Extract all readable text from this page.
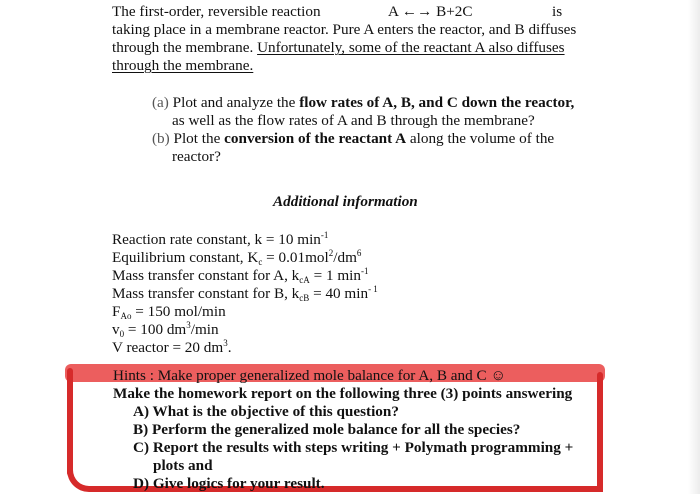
The first-order, reversible reaction	A ←→ B+2C	is
taking place in a membrane reactor. Pure A enters the reactor, and B diffuses
through the membrane. Unfortunately, some of the reactant A also diffuses
through the membrane.
(a) Plot and analyze the flow rates of A, B, and C down the reactor,
as well as the flow rates of A and B through the membrane?
(b) Plot the conversion of the reactant A along the volume of the
reactor?
Additional information
Reaction rate constant, k = 10 $\min^{-1}$
Equilibrium constant, $Kc = 0.01mol^2/dm^6$
Mass transfer constant for A, kcA = 1 $\min^{-1}$
Mass transfer constant for B, kcB = 40 $\min^{- 1}$
FAo = 150 mol/min
v0 = 100 $dm^3/\min$
V reactor = 20 $dm^3$.
Hints : Make proper generalized mole balance for A, B and C ☺
Make the homework report on the following three (3) points answering
A) What is the objective of this question?
B) Perform the generalized mole balance for all the species?
C) Report the results with steps writing + Polymath programming +
plots and
D) Give logics for your result.
